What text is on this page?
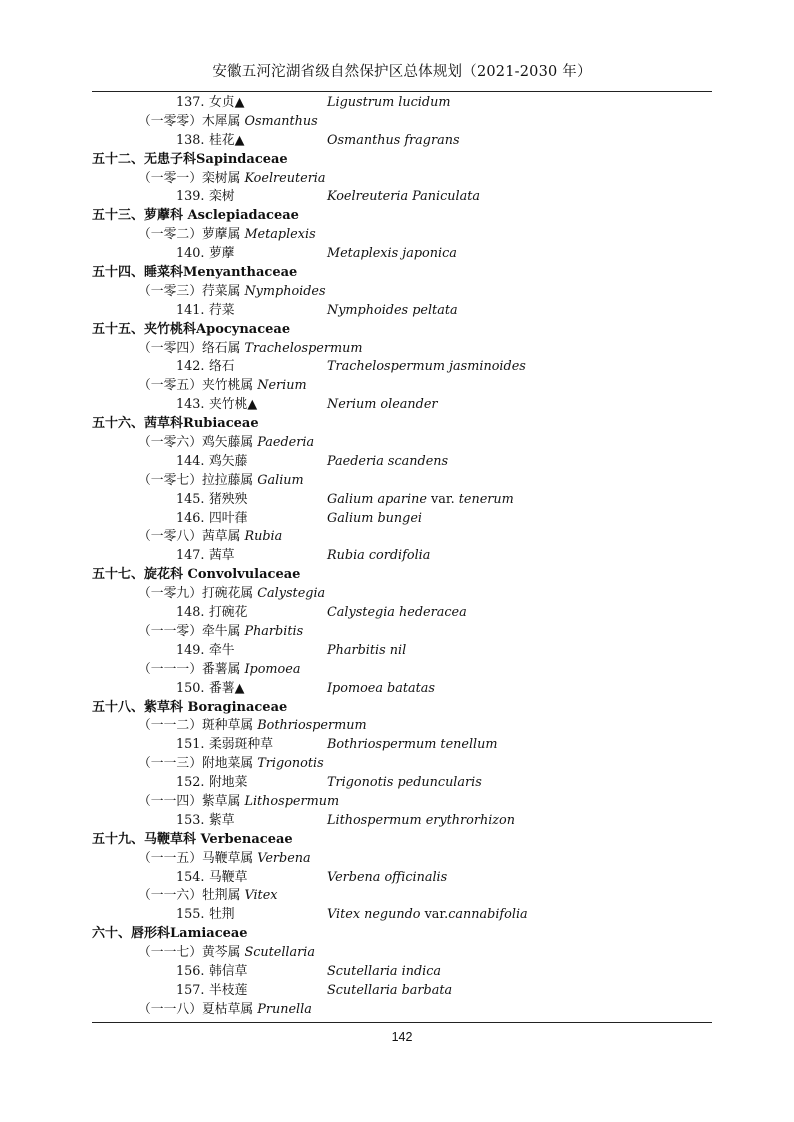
安徽五河沱湖省级自然保护区总体规划（2021-2030 年）
137. 女贞▲	Ligustrum lucidum
（一零零）木犀属 Osmanthus
138. 桂花▲	Osmanthus fragrans
五十二、无患子科Sapindaceae
（一零一）栾树属 Koelreuteria
139. 栾树	Koelreuteria Paniculata
五十三、萝藦科 Asclepiadaceae
（一零二）萝藦属 Metaplexis
140. 萝藦	Metaplexis japonica
五十四、睡菜科Menyanthaceae
（一零三）荇菜属 Nymphoides
141. 荇菜	Nymphoides peltata
五十五、夹竹桃科Apocynaceae
（一零四）络石属 Trachelospermum
142. 络石	Trachelospermum jasminoides
（一零五）夹竹桃属 Nerium
143. 夹竹桃▲	Nerium oleander
五十六、茜草科Rubiaceae
（一零六）鸡矢藤属 Paederia
144. 鸡矢藤	Paederia scandens
（一零七）拉拉藤属 Galium
145. 猪殃殃	Galium aparine var. tenerum
146. 四叶葎	Galium bungei
（一零八）茜草属 Rubia
147. 茜草	Rubia cordifolia
五十七、旋花科 Convolvulaceae
（一零九）打碗花属 Calystegia
148. 打碗花	Calystegia hederacea
（一一零）牵牛属 Pharbitis
149. 牵牛	Pharbitis nil
（一一一）番薯属 Ipomoea
150. 番薯▲	Ipomoea batatas
五十八、紫草科 Boraginaceae
（一一二）斑种草属 Bothriospermum
151. 柔弱斑种草	Bothriospermum tenellum
（一一三）附地菜属 Trigonotis
152. 附地菜	Trigonotis peduncularis
（一一四）紫草属 Lithospermum
153. 紫草	Lithospermum erythrorhizon
五十九、马鞭草科 Verbenaceae
（一一五）马鞭草属 Verbena
154. 马鞭草	Verbena officinalis
（一一六）牡荆属 Vitex
155. 牡荆	Vitex negundo var.cannabifolia
六十、唇形科Lamiaceae
（一一七）黄芩属 Scutellaria
156. 韩信草	Scutellaria indica
157. 半枝莲	Scutellaria barbata
（一一八）夏枯草属 Prunella
142
